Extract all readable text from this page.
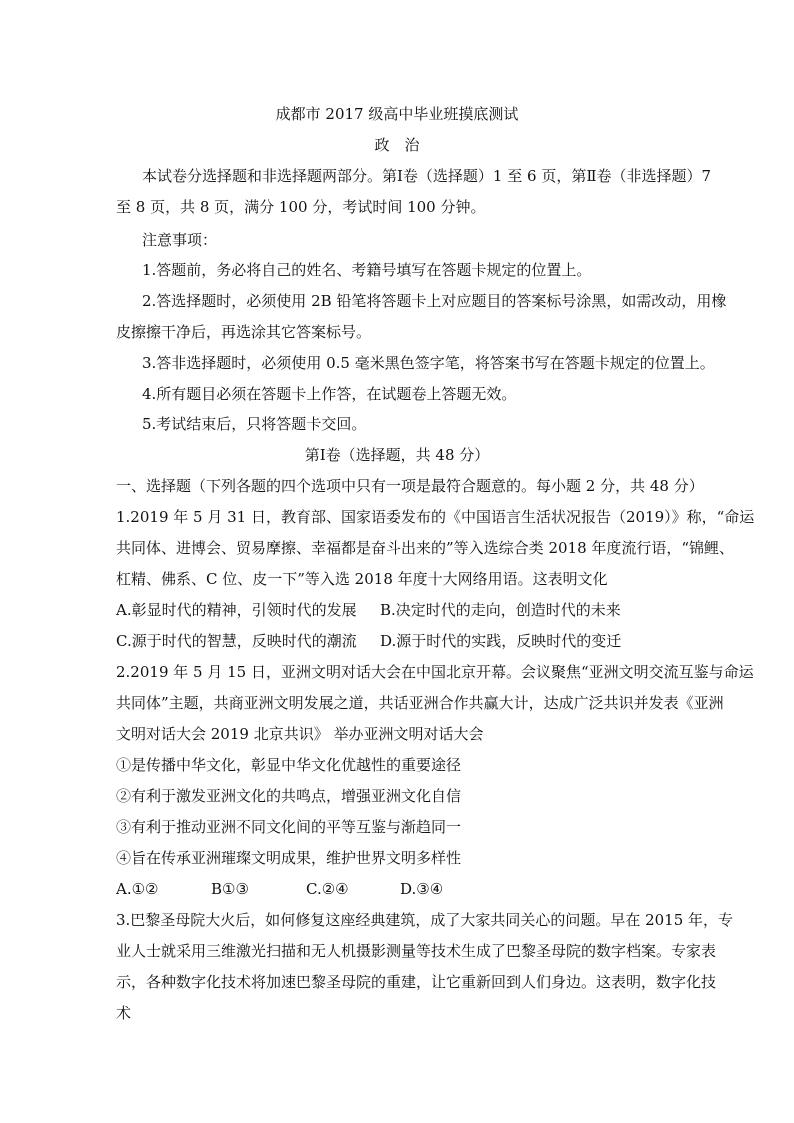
成都市 2017 级高中毕业班摸底测试
政　治
本试卷分选择题和非选择题两部分。第Ⅰ卷（选择题）1 至 6 页，第Ⅱ卷（非选择题）7
至 8 页，共 8 页，满分 100 分，考试时间 100 分钟。
注意事项：
1.答题前，务必将自己的姓名、考籍号填写在答题卡规定的位置上。
2.答选择题时，必须使用 2B 铅笔将答题卡上对应题目的答案标号涂黑，如需改动，用橡
皮擦擦干净后，再选涂其它答案标号。
3.答非选择题时，必须使用 0.5 毫米黑色签字笔，将答案书写在答题卡规定的位置上。
4.所有题目必须在答题卡上作答，在试题卷上答题无效。
5.考试结束后，只将答题卡交回。
第Ⅰ卷（选择题，共 48 分）
一、选择题（下列各题的四个选项中只有一项是最符合题意的。每小题 2 分，共 48 分）
1.2019 年 5 月 31 日，教育部、国家语委发布的《中国语言生活状况报告（2019）》称，“命运
共同体、进博会、贸易摩擦、幸福都是奋斗出来的”等入选综合类 2018 年度流行语，“锦鲤、
杠精、佛系、C 位、皮一下”等入选 2018 年度十大网络用语。这表明文化
A.彰显时代的精神，引领时代的发展 B.决定时代的走向，创造时代的未来
C.源于时代的智慧，反映时代的潮流 D.源于时代的实践，反映时代的变迁
2.2019 年 5 月 15 日，亚洲文明对话大会在中国北京开幕。会议聚焦“亚洲文明交流互鉴与命运
共同体”主题，共商亚洲文明发展之道，共话亚洲合作共赢大计，达成广泛共识并发表《亚洲
文明对话大会 2019 北京共识》 举办亚洲文明对话大会
①是传播中华文化，彰显中华文化优越性的重要途径
②有利于激发亚洲文化的共鸣点，增强亚洲文化自信
③有利于推动亚洲不同文化间的平等互鉴与渐趋同一
④旨在传承亚洲璀璨文明成果，维护世界文明多样性
A.①②	B①③	C.②④	D.③④
3.巴黎圣母院大火后，如何修复这座经典建筑，成了大家共同关心的问题。早在 2015 年，专
业人士就采用三维激光扫描和无人机摄影测量等技术生成了巴黎圣母院的数字档案。专家表
示，各种数字化技术将加速巴黎圣母院的重建，让它重新回到人们身边。这表明，数字化技
术
